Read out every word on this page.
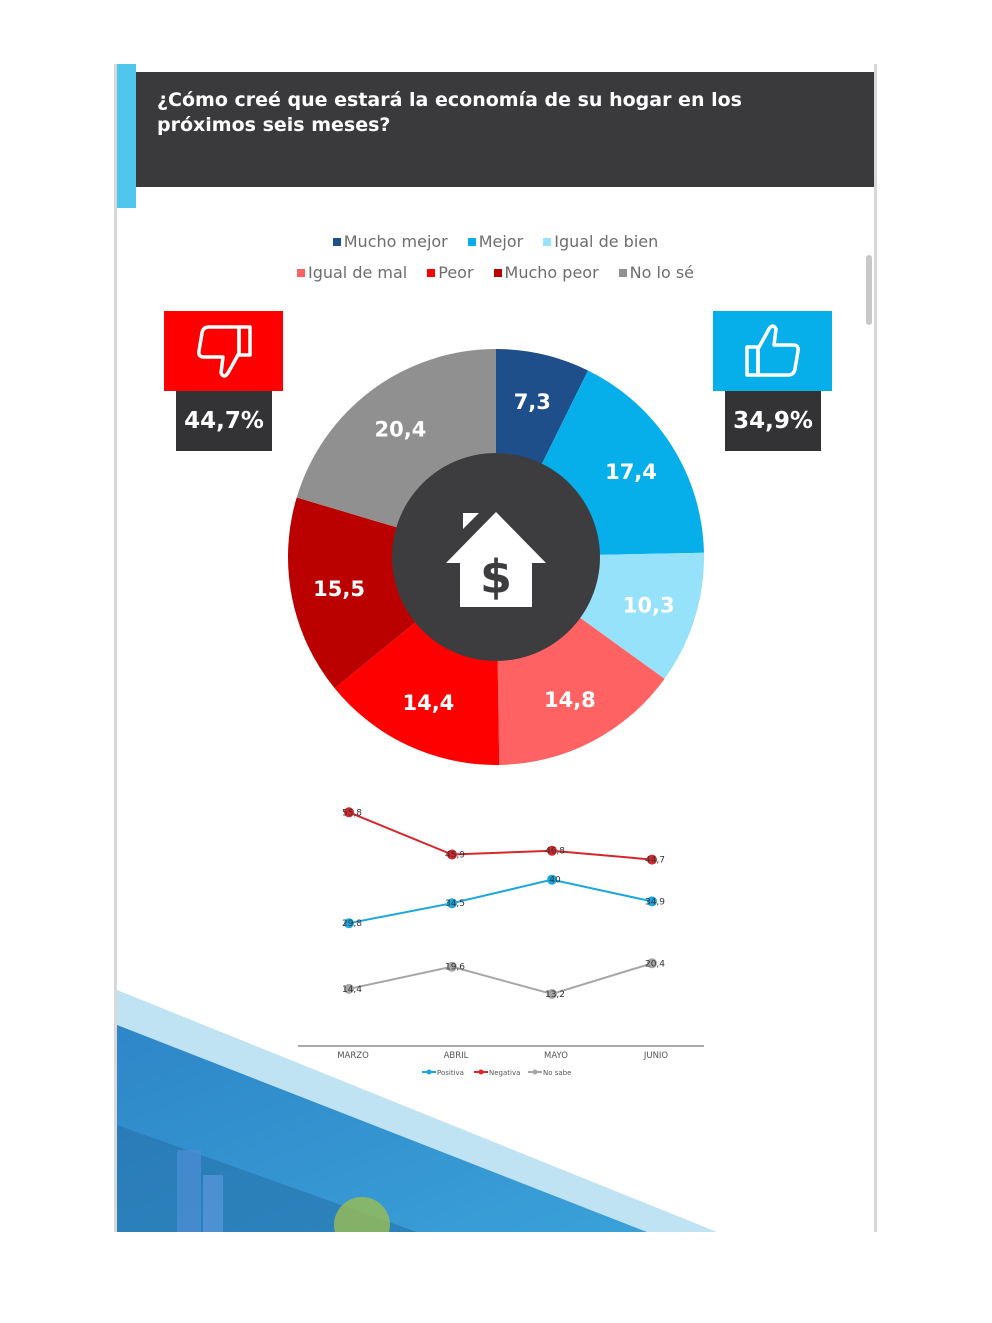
¿Cómo creé que estará la economía de su hogar en los próximos seis meses?
Mucho mejor Mejor Igual de bien
Igual de mal Peor Mucho peor No lo sé
44,7%	34,9%
$
7,3
17,4
10,3
14,8
14,4
15,5
20,4
29,8
34,5
40
34,9
55,8
45,9	46,8
44,7
14,4
19,6
13,2
20,4
MARZO	ABRIL	MAYO	JUNIO
Positiva	Negativa	No sabe
